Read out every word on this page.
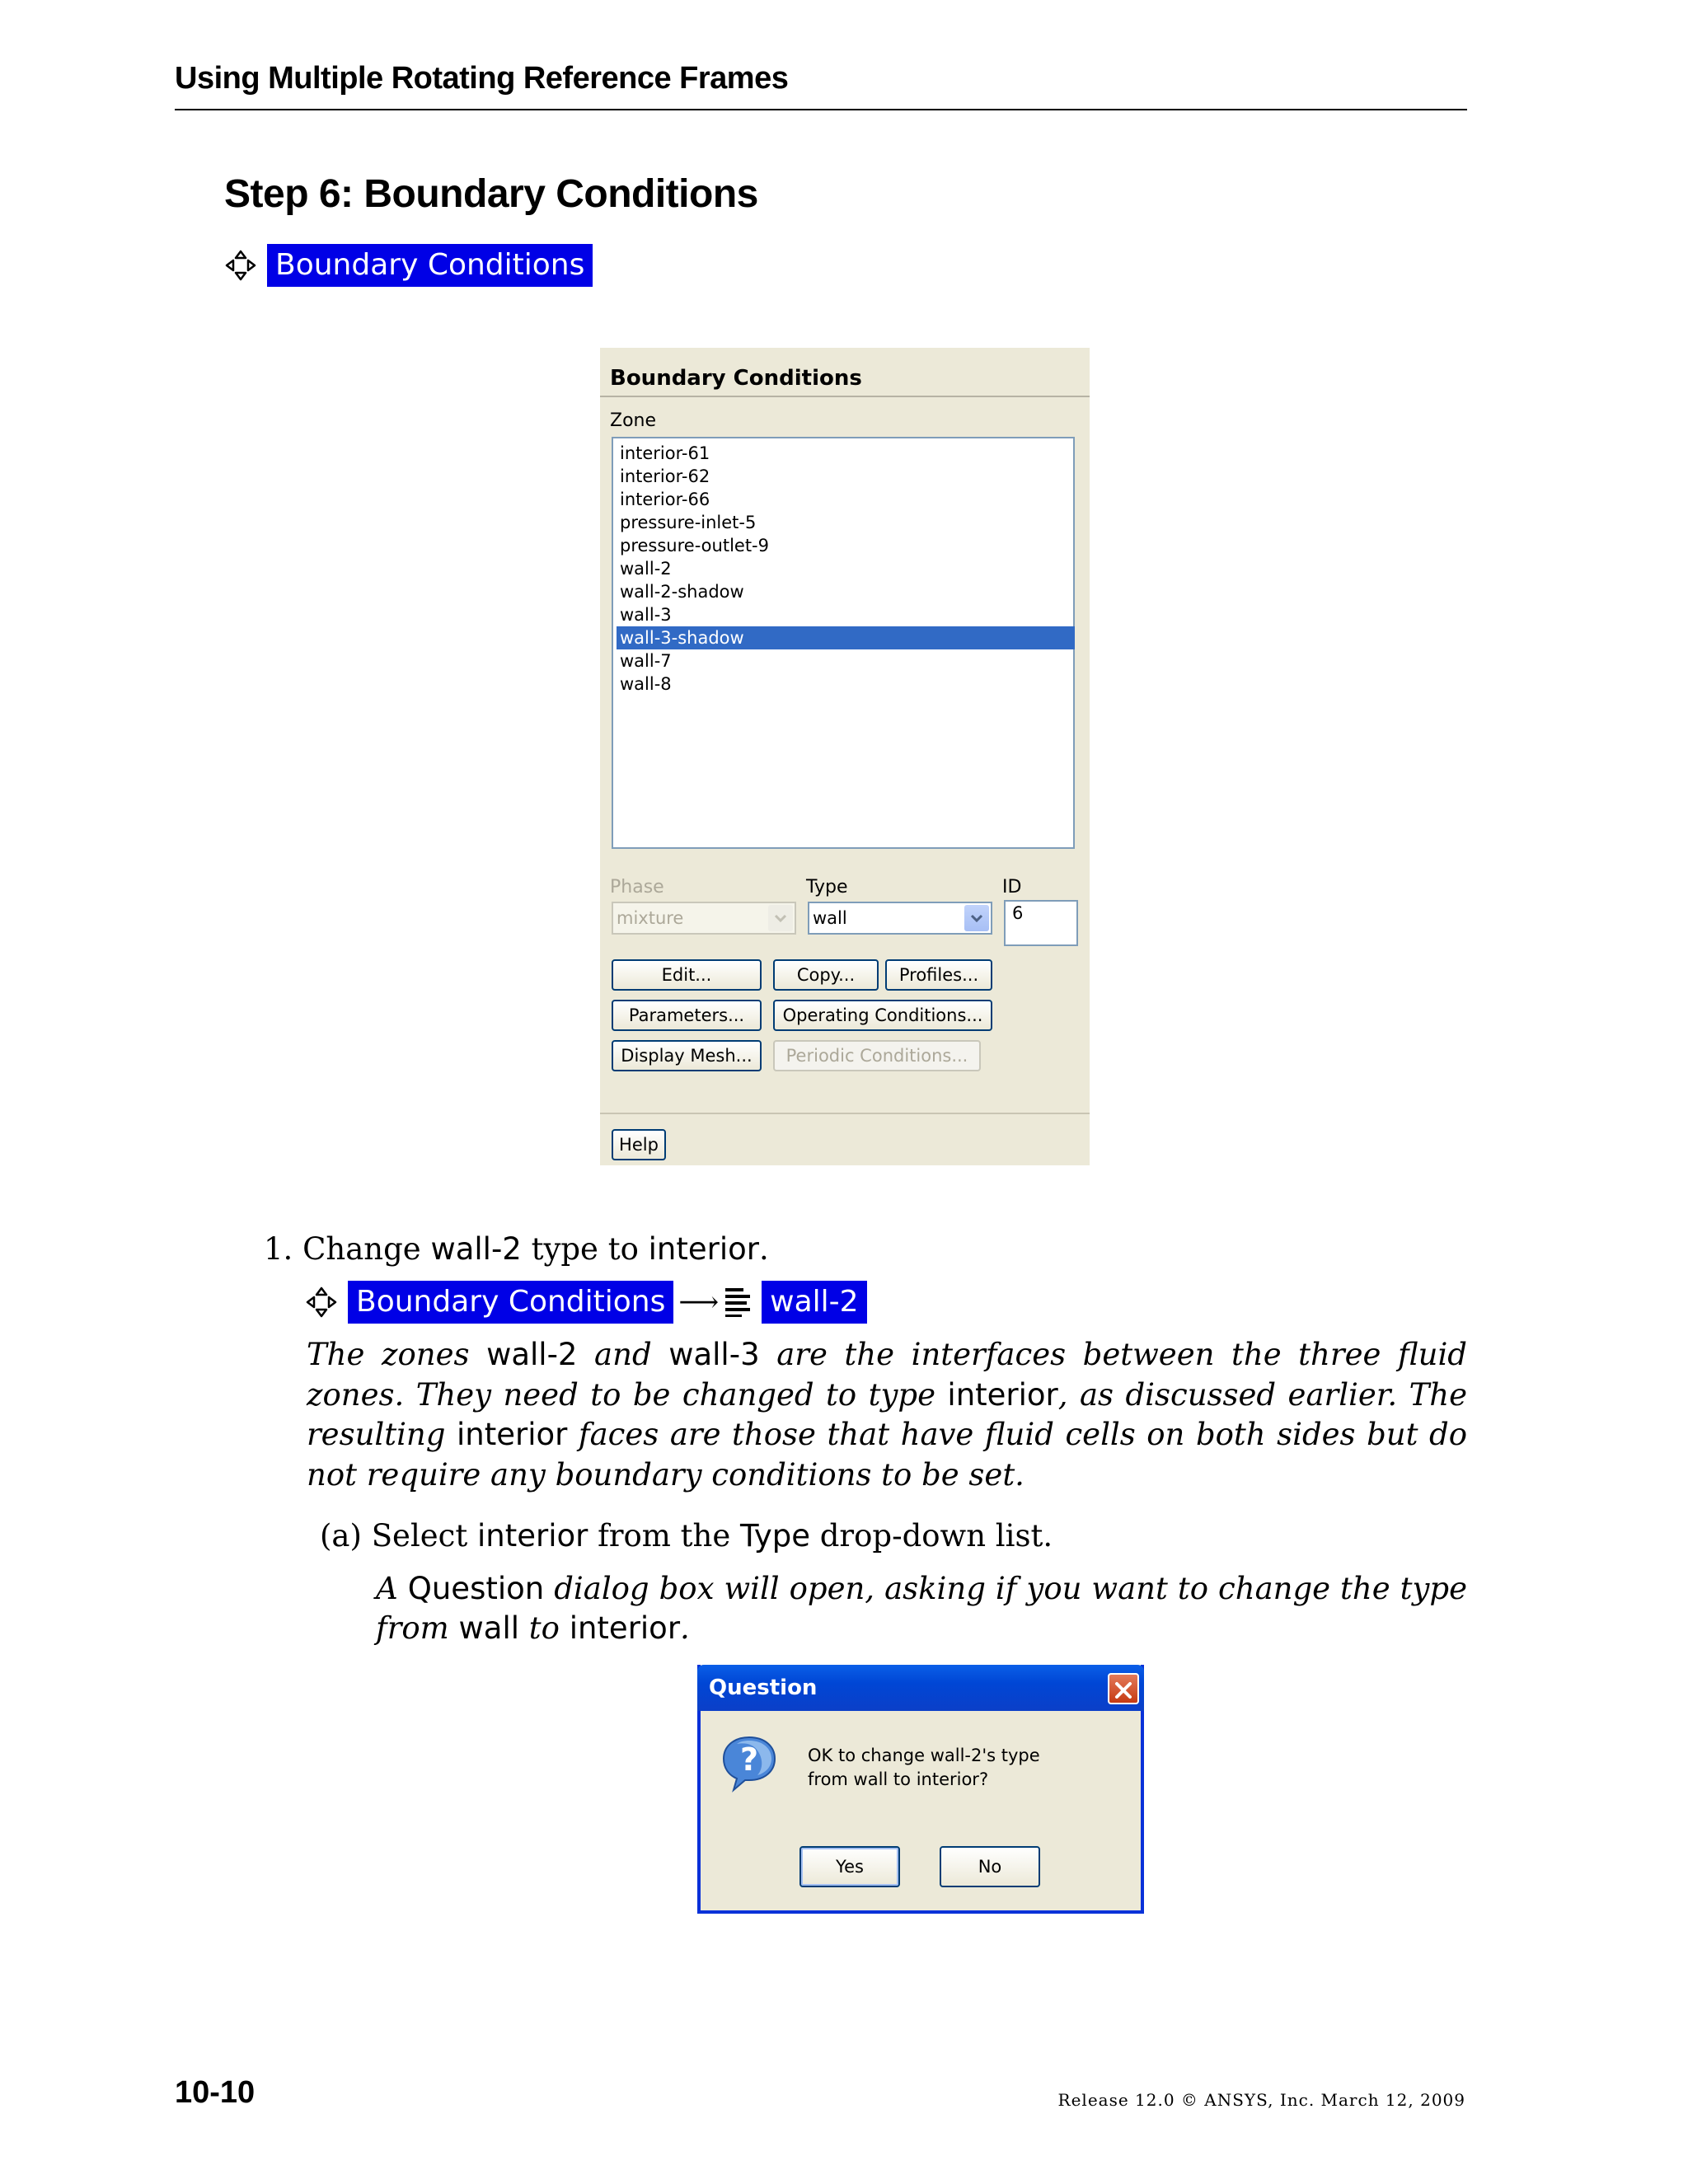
Using Multiple Rotating Reference Frames
Step 6: Boundary Conditions
Boundary Conditions
Boundary Conditions
Zone
interior-61
interior-62
interior-66
pressure-inlet-5
pressure-outlet-9
wall-2
wall-2-shadow
wall-3
wall-3-shadow
wall-7
wall-8
Phase
mixture
Type
wall
ID
6
Edit...	Copy...	Profiles...
Parameters...	Operating Conditions...
Display Mesh...	Periodic Conditions...
Help
1. Change wall-2 type to interior.
Boundary Conditions ⟶ wall-2
The zones wall-2 and wall-3 are the interfaces between the three fluid zones. They need to be changed to type interior, as discussed earlier. The resulting interior faces are those that have fluid cells on both sides but do not require any boundary conditions to be set.
(a) Select interior from the Type drop-down list.
A Question dialog box will open, asking if you want to change the type from wall to interior.
Question
?	OK to change wall-2's type
from wall to interior?
Yes	No
10-10	Release 12.0 © ANSYS, Inc. March 12, 2009
